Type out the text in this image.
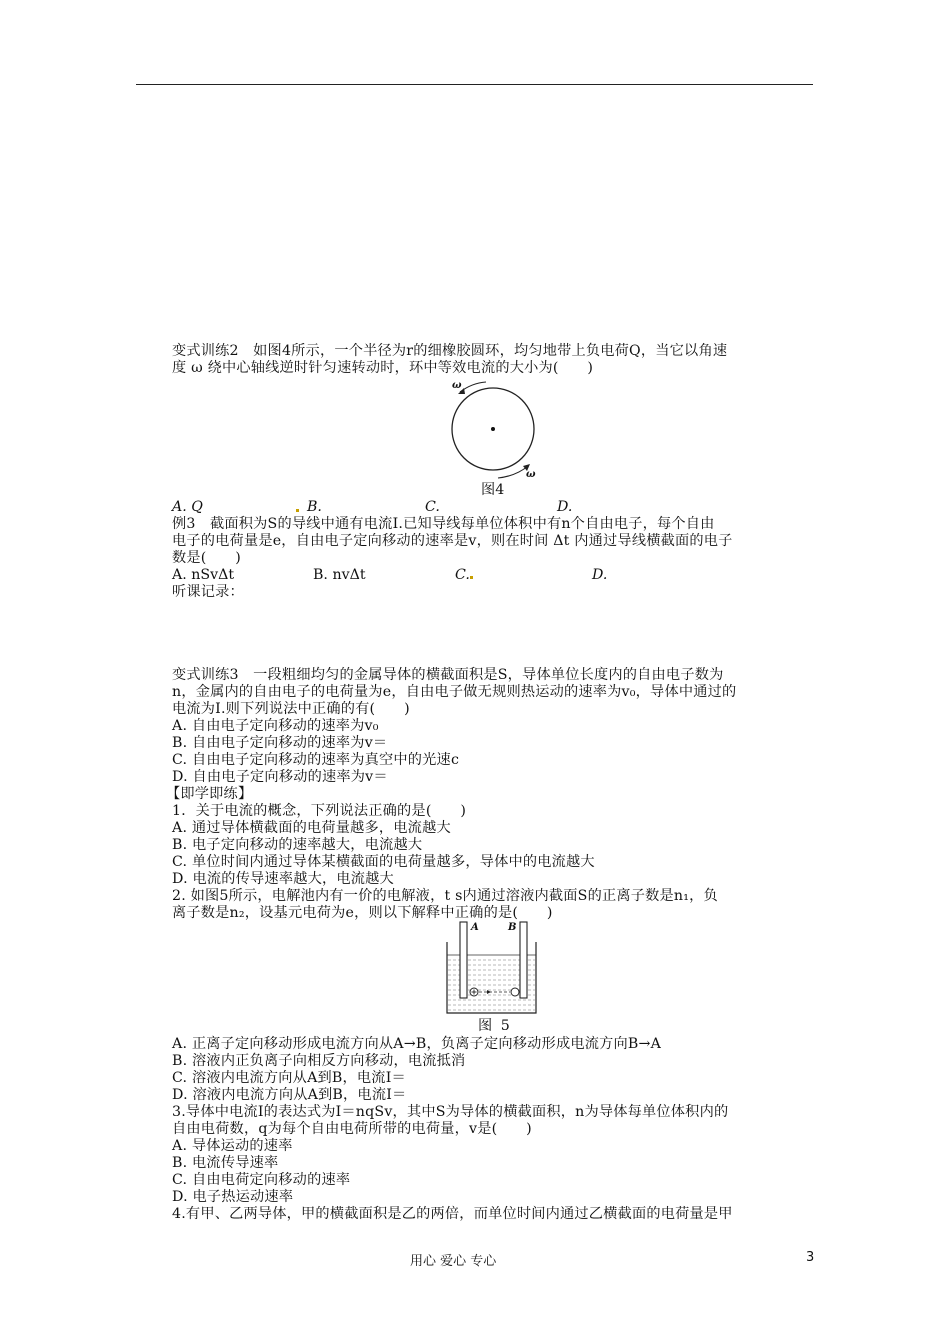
变式训练2　如图4所示，一个半径为r的细橡胶圆环，均匀地带上负电荷Q，当它以角速
度 ω 绕中心轴线逆时针匀速转动时，环中等效电流的大小为(　　)
ω
ω
图4
A. Q	B.	C.	D.
例3　截面积为S的导线中通有电流I.已知导线每单位体积中有n个自由电子，每个自由
电子的电荷量是e，自由电子定向移动的速率是v，则在时间 Δt 内通过导线横截面的电子
数是(　　)
A. nSvΔt	B. nvΔt	C.	D.
听课记录：
变式训练3　一段粗细均匀的金属导体的横截面积是S，导体单位长度内的自由电子数为
n，金属内的自由电子的电荷量为e，自由电子做无规则热运动的速率为v₀，导体中通过的
电流为I.则下列说法中正确的有(　　)
A. 自由电子定向移动的速率为v₀
B. 自由电子定向移动的速率为v＝
C. 自由电子定向移动的速率为真空中的光速c
D. 自由电子定向移动的速率为v＝
【即学即练】
1．关于电流的概念，下列说法正确的是(　　)
A. 通过导体横截面的电荷量越多，电流越大
B. 电子定向移动的速率越大，电流越大
C. 单位时间内通过导体某横截面的电荷量越多，导体中的电流越大
D. 电流的传导速率越大，电流越大
2. 如图5所示，电解池内有一价的电解液，t s内通过溶液内截面S的正离子数是n₁，负
离子数是n₂，设基元电荷为e，则以下解释中正确的是(　　)
A	B
图 5
A. 正离子定向移动形成电流方向从A→B，负离子定向移动形成电流方向B→A
B. 溶液内正负离子向相反方向移动，电流抵消
C. 溶液内电流方向从A到B，电流I＝
D. 溶液内电流方向从A到B，电流I＝
3.导体中电流I的表达式为I＝nqSv，其中S为导体的横截面积，n为导体每单位体积内的
自由电荷数，q为每个自由电荷所带的电荷量，v是(　　)
A. 导体运动的速率
B. 电流传导速率
C. 自由电荷定向移动的速率
D. 电子热运动速率
4.有甲、乙两导体，甲的横截面积是乙的两倍，而单位时间内通过乙横截面的电荷量是甲
用心 爱心 专心	3
